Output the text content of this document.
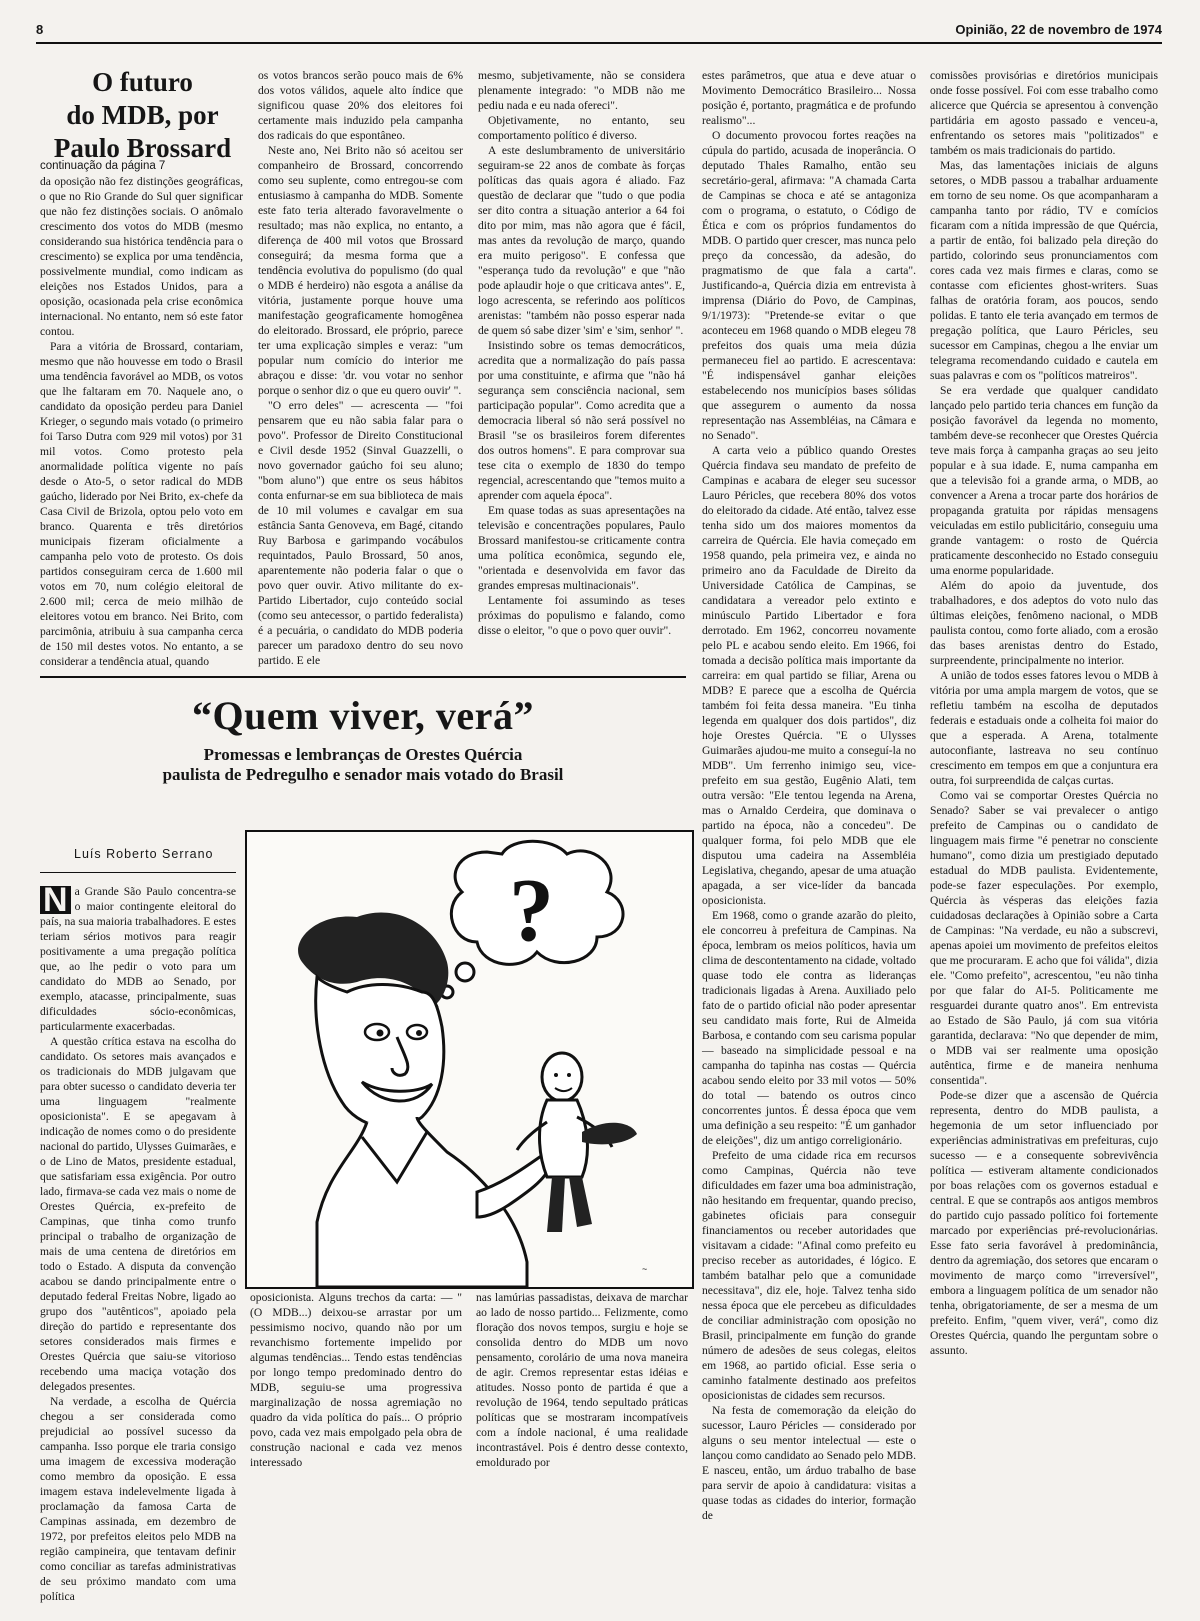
8	Opinião, 22 de novembro de 1974
O futuro
do MDB, por
Paulo Brossard
continuação da página 7

da oposição não fez distinções geográficas, o que no Rio Grande do Sul quer significar que não fez distinções sociais. O anômalo crescimento dos votos do MDB (mesmo considerando sua histórica tendência para o crescimento) se explica por uma tendência, possivelmente mundial, como indicam as eleições nos Estados Unidos, para a oposição, ocasionada pela crise econômica internacional. No entanto, nem só este fator contou.

Para a vitória de Brossard, contariam, mesmo que não houvesse em todo o Brasil uma tendência favorável ao MDB, os votos que lhe faltaram em 70. Naquele ano, o candidato da oposição perdeu para Daniel Krieger, o segundo mais votado (o primeiro foi Tarso Dutra com 929 mil votos) por 31 mil votos. Como protesto pela anormalidade política vigente no país desde o Ato-5, o setor radical do MDB gaúcho, liderado por Nei Brito, ex-chefe da Casa Civil de Brizola, optou pelo voto em branco. Quarenta e três diretórios municipais fizeram oficialmente a campanha pelo voto de protesto. Os dois partidos conseguiram cerca de 1.600 mil votos em 70, num colégio eleitoral de 2.600 mil; cerca de meio milhão de eleitores votou em branco. Nei Brito, com parcimônia, atribuiu à sua campanha cerca de 150 mil destes votos. No entanto, a se considerar a tendência atual, quando

os votos brancos serão pouco mais de 6% dos votos válidos, aquele alto índice que significou quase 20% dos eleitores foi certamente mais induzido pela campanha dos radicais do que espontâneo.

Neste ano, Nei Brito não só aceitou ser companheiro de Brossard, concorrendo como seu suplente, como entregou-se com entusiasmo à campanha do MDB. Somente este fato teria alterado favoravelmente o resultado; mas não explica, no entanto, a diferença de 400 mil votos que Brossard conseguirá; da mesma forma que a tendência evolutiva do populismo (do qual o MDB é herdeiro) não esgota a análise da vitória, justamente porque houve uma manifestação geograficamente homogênea do eleitorado. Brossard, ele próprio, parece ter uma explicação simples e veraz: "um popular num comício do interior me abraçou e disse: 'dr. vou votar no senhor porque o senhor diz o que eu quero ouvir' ".

"O erro deles" — acrescenta — "foi pensarem que eu não sabia falar para o povo". Professor de Direito Constitucional e Civil desde 1952 (Sinval Guazzelli, o novo governador gaúcho foi seu aluno; "bom aluno") que entre os seus hábitos conta enfurnar-se em sua biblioteca de mais de 10 mil volumes e cavalgar em sua estância Santa Genoveva, em Bagé, citando Ruy Barbosa e garimpando vocábulos requintados, Paulo Brossard, 50 anos, aparentemente não poderia falar o que o povo quer ouvir. Ativo militante do ex-Partido Libertador, cujo conteúdo social (como seu antecessor, o partido federalista) é a pecuária, o candidato do MDB poderia parecer um paradoxo dentro do seu novo partido. E ele

mesmo, subjetivamente, não se considera plenamente integrado: "o MDB não me pediu nada e eu nada ofereci".

Objetivamente, no entanto, seu comportamento político é diverso.

A este deslumbramento de universitário seguiram-se 22 anos de combate às forças políticas das quais agora é aliado. Faz questão de declarar que "tudo o que podia ser dito contra a situação anterior a 64 foi dito por mim, mas não agora que é fácil, mas antes da revolução de março, quando era muito perigoso". E confessa que "esperança tudo da revolução" e que "não pode aplaudir hoje o que criticava antes". E, logo acrescenta, se referindo aos políticos arenistas: "também não posso esperar nada de quem só sabe dizer 'sim' e 'sim, senhor' ".

Insistindo sobre os temas democráticos, acredita que a normalização do país passa por uma constituinte, e afirma que "não há segurança sem consciência nacional, sem participação popular". Como acredita que a democracia liberal só não será possível no Brasil "se os brasileiros forem diferentes dos outros homens". E para comprovar sua tese cita o exemplo de 1830 do tempo regencial, acrescentando que "temos muito a aprender com aquela época".

Em quase todas as suas apresentações na televisão e concentrações populares, Paulo Brossard manifestou-se criticamente contra uma política econômica, segundo ele, "orientada e desenvolvida em favor das grandes empresas multinacionais".

Lentamente foi assumindo as teses próximas do populismo e falando, como disse o eleitor, "o que o povo quer ouvir".

“Quem viver, verá”
Promessas e lembranças de Orestes Quércia
paulista de Pedregulho e senador mais votado do Brasil
Luís Roberto Serrano
N a Grande São Paulo concentra-se o maior contingente eleitoral do país, na sua maioria trabalhadores. E estes teriam sérios motivos para reagir positivamente a uma pregação política que, ao lhe pedir o voto para um candidato do MDB ao Senado, por exemplo, atacasse, principalmente, suas dificuldades sócio-econômicas, particularmente exacerbadas.

A questão crítica estava na escolha do candidato. Os setores mais avançados e os tradicionais do MDB julgavam que para obter sucesso o candidato deveria ter uma linguagem "realmente oposicionista". E se apegavam à indicação de nomes como o do presidente nacional do partido, Ulysses Guimarães, e o de Lino de Matos, presidente estadual, que satisfariam essa exigência. Por outro lado, firmava-se cada vez mais o nome de Orestes Quércia, ex-prefeito de Campinas, que tinha como trunfo principal o trabalho de organização de mais de uma centena de diretórios em todo o Estado. A disputa da convenção acabou se dando principalmente entre o deputado federal Freitas Nobre, ligado ao grupo dos "autênticos", apoiado pela direção do partido e representante dos setores considerados mais firmes e Orestes Quércia que saiu-se vitorioso recebendo uma maciça votação dos delegados presentes.

Na verdade, a escolha de Quércia chegou a ser considerada como prejudicial ao possível sucesso da campanha. Isso porque ele traria consigo uma imagem de excessiva moderação como membro da oposição. E essa imagem estava indelevelmente ligada à proclamação da famosa Carta de Campinas assinada, em dezembro de 1972, por prefeitos eleitos pelo MDB na região campineira, que tentavam definir como conciliar as tarefas administrativas de seu próximo mandato com uma política

?
~

oposicionista. Alguns trechos da carta: — "(O MDB...) deixou-se arrastar por um pessimismo nocivo, quando não por um revanchismo fortemente impelido por algumas tendências... Tendo estas tendências por longo tempo predominado dentro do MDB, seguiu-se uma progressiva marginalização de nossa agremiação no quadro da vida política do país... O próprio povo, cada vez mais empolgado pela obra de construção nacional e cada vez menos interessado

nas lamúrias passadistas, deixava de marchar ao lado de nosso partido... Felizmente, como floração dos novos tempos, surgiu e hoje se consolida dentro do MDB um novo pensamento, coroláriο de uma nova maneira de agir. Cremos representar estas idéias e atitudes. Nosso ponto de partida é que a revolução de 1964, tendo sepultado práticas políticas que se mostraram incompatíveis com a índole nacional, é uma realidade incontrastável. Pois é dentro desse contexto, emoldurado por

estes parâmetros, que atua e deve atuar o Movimento Democrático Brasileiro... Nossa posição é, portanto, pragmática e de profundo realismo"...

O documento provocou fortes reações na cúpula do partido, acusada de inoperância. O deputado Thales Ramalho, então seu secretário-geral, afirmava: "A chamada Carta de Campinas se choca e até se antagoniza com o programa, o estatuto, o Código de Ética e com os próprios fundamentos do MDB. O partido quer crescer, mas nunca pelo preço da concessão, da adesão, do pragmatismo de que fala a carta". Justificando-a, Quércia dizia em entrevista à imprensa (Diário do Povo, de Campinas, 9/1/1973): "Pretende-se evitar o que aconteceu em 1968 quando o MDB elegeu 78 prefeitos dos quais uma meia dúzia permaneceu fiel ao partido. E acrescentava: "É indispensável ganhar eleições estabelecendo nos municípios bases sólidas que assegurem o aumento da nossa representação nas Assembléias, na Câmara e no Senado".

A carta veio a público quando Orestes Quércia findava seu mandato de prefeito de Campinas e acabara de eleger seu sucessor Lauro Péricles, que recebera 80% dos votos do eleitorado da cidade. Até então, talvez esse tenha sido um dos maiores momentos da carreira de Quércia. Ele havia começado em 1958 quando, pela primeira vez, e ainda no primeiro ano da Faculdade de Direito da Universidade Católica de Campinas, se candidatara a vereador pelo extinto e minúsculo Partido Libertador e fora derrotado. Em 1962, concorreu novamente pelo PL e acabou sendo eleito. Em 1966, foi tomada a decisão política mais importante da carreira: em qual partido se filiar, Arena ou MDB? E parece que a escolha de Quércia também foi feita dessa maneira. "Eu tinha legenda em qualquer dos dois partidos", diz hoje Orestes Quércia. "E o Ulysses Guimarães ajudou-me muito a conseguí-la no MDB". Um ferrenho inimigo seu, vice-prefeito em sua gestão, Eugênio Alati, tem outra versão: "Ele tentou legenda na Arena, mas o Arnaldo Cerdeira, que dominava o partido na época, não a concedeu". De qualquer forma, foi pelo MDB que ele disputou uma cadeira na Assembléia Legislativa, chegando, apesar de uma atuação apagada, a ser vice-líder da bancada oposicionista.

Em 1968, como o grande azarão do pleito, ele concorreu à prefeitura de Campinas. Na época, lembram os meios políticos, havia um clima de descontentamento na cidade, voltado quase todo ele contra as lideranças tradicionais ligadas à Arena. Auxiliado pelo fato de o partido oficial não poder apresentar seu candidato mais forte, Rui de Almeida Barbosa, e contando com seu carisma popular — baseado na simplicidade pessoal e na campanha do tapinha nas costas — Quércia acabou sendo eleito por 33 mil votos — 50% do total — batendo os outros cinco concorrentes juntos. É dessa época que vem uma definição a seu respeito: "É um ganhador de eleições", diz um antigo correligionário.

Prefeito de uma cidade rica em recursos como Campinas, Quércia não teve dificuldades em fazer uma boa administração, não hesitando em frequentar, quando preciso, gabinetes oficiais para conseguir financiamentos ou receber autoridades que visitavam a cidade: "Afinal como prefeito eu preciso receber as autoridades, é lógico. E também batalhar pelo que a comunidade necessitava", diz ele, hoje. Talvez tenha sido nessa época que ele percebeu as dificuldades de conciliar administração com oposição no Brasil, principalmente em função do grande número de adesões de seus colegas, eleitos em 1968, ao partido oficial. Esse seria o caminho fatalmente destinado aos prefeitos oposicionistas de cidades sem recursos.

Na festa de comemoração da eleição do sucessor, Lauro Péricles — considerado por alguns o seu mentor intelectual — este o lançou como candidato ao Senado pelo MDB. E nasceu, então, um árduo trabalho de base para servir de apoio à candidatura: visitas a quase todas as cidades do interior, formação de

comissões provisórias e diretórios municipais onde fosse possível. Foi com esse trabalho como alicerce que Quércia se apresentou à convenção partidária em agosto passado e venceu-a, enfrentando os setores mais "politizados" e também os mais tradicionais do partido.

Mas, das lamentações iniciais de alguns setores, o MDB passou a trabalhar arduamente em torno de seu nome. Os que acompanharam a campanha tanto por rádio, TV e comícios ficaram com a nítida impressão de que Quércia, a partir de então, foi balizado pela direção do partido, colorindo seus pronunciamentos com cores cada vez mais firmes e claras, como se contasse com eficientes ghost-writers. Suas falhas de oratória foram, aos poucos, sendo polidas. E tanto ele teria avançado em termos de pregação política, que Lauro Péricles, seu sucessor em Campinas, chegou a lhe enviar um telegrama recomendando cuidado e cautela em suas palavras e com os "políticos matreiros".

Se era verdade que qualquer candidato lançado pelo partido teria chances em função da posição favorável da legenda no momento, também deve-se reconhecer que Orestes Quércia teve mais força à campanha graças ao seu jeito popular e à sua idade. E, numa campanha em que a televisão foi a grande arma, o MDB, ao convencer a Arena a trocar parte dos horários de propaganda gratuita por rápidas mensagens veiculadas em estilo publicitário, conseguiu uma grande vantagem: o rosto de Quércia praticamente desconhecido no Estado conseguiu uma enorme popularidade.

Além do apoio da juventude, dos trabalhadores, e dos adeptos do voto nulo das últimas eleições, fenômeno nacional, o MDB paulista contou, como forte aliado, com a erosão das bases arenistas dentro do Estado, surpreendente, principalmente no interior.

A união de todos esses fatores levou o MDB à vitória por uma ampla margem de votos, que se refletiu também na escolha de deputados federais e estaduais onde a colheita foi maior do que a esperada. A Arena, totalmente autoconfiante, lastreava no seu contínuo crescimento em tempos em que a conjuntura era outra, foi surpreendida de calças curtas.

Como vai se comportar Orestes Quércia no Senado? Saber se vai prevalecer o antigo prefeito de Campinas ou o candidato de linguagem mais firme "é penetrar no consciente humano", como dizia um prestigiado deputado estadual do MDB paulista. Evidentemente, pode-se fazer especulações. Por exemplo, Quércia às vésperas das eleições fazia cuidadosas declarações à Opinião sobre a Carta de Campinas: "Na verdade, eu não a subscrevi, apenas apoiei um movimento de prefeitos eleitos que me procuraram. E acho que foi válida", dizia ele. "Como prefeito", acrescentou, "eu não tinha por que falar do AI-5. Politicamente me resguardei durante quatro anos". Em entrevista ao Estado de São Paulo, já com sua vitória garantida, declarava: "No que depender de mim, o MDB vai ser realmente uma oposição autêntica, firme e de maneira nenhuma consentida".

Pode-se dizer que a ascensão de Quércia representa, dentro do MDB paulista, a hegemonia de um setor influenciado por experiências administrativas em prefeituras, cujo sucesso — e a consequente sobrevivência política — estiveram altamente condicionados por boas relações com os governos estadual e central. E que se contrapôs aos antigos membros do partido cujo passado político foi fortemente marcado por experiências pré-revolucionárias. Esse fato seria favorável à predominância, dentro da agremiação, dos setores que encaram o movimento de março como "irreversível", embora a linguagem política de um senador não tenha, obrigatoriamente, de ser a mesma de um prefeito. Enfim, "quem viver, verá", como diz Orestes Quércia, quando lhe perguntam sobre o assunto.
